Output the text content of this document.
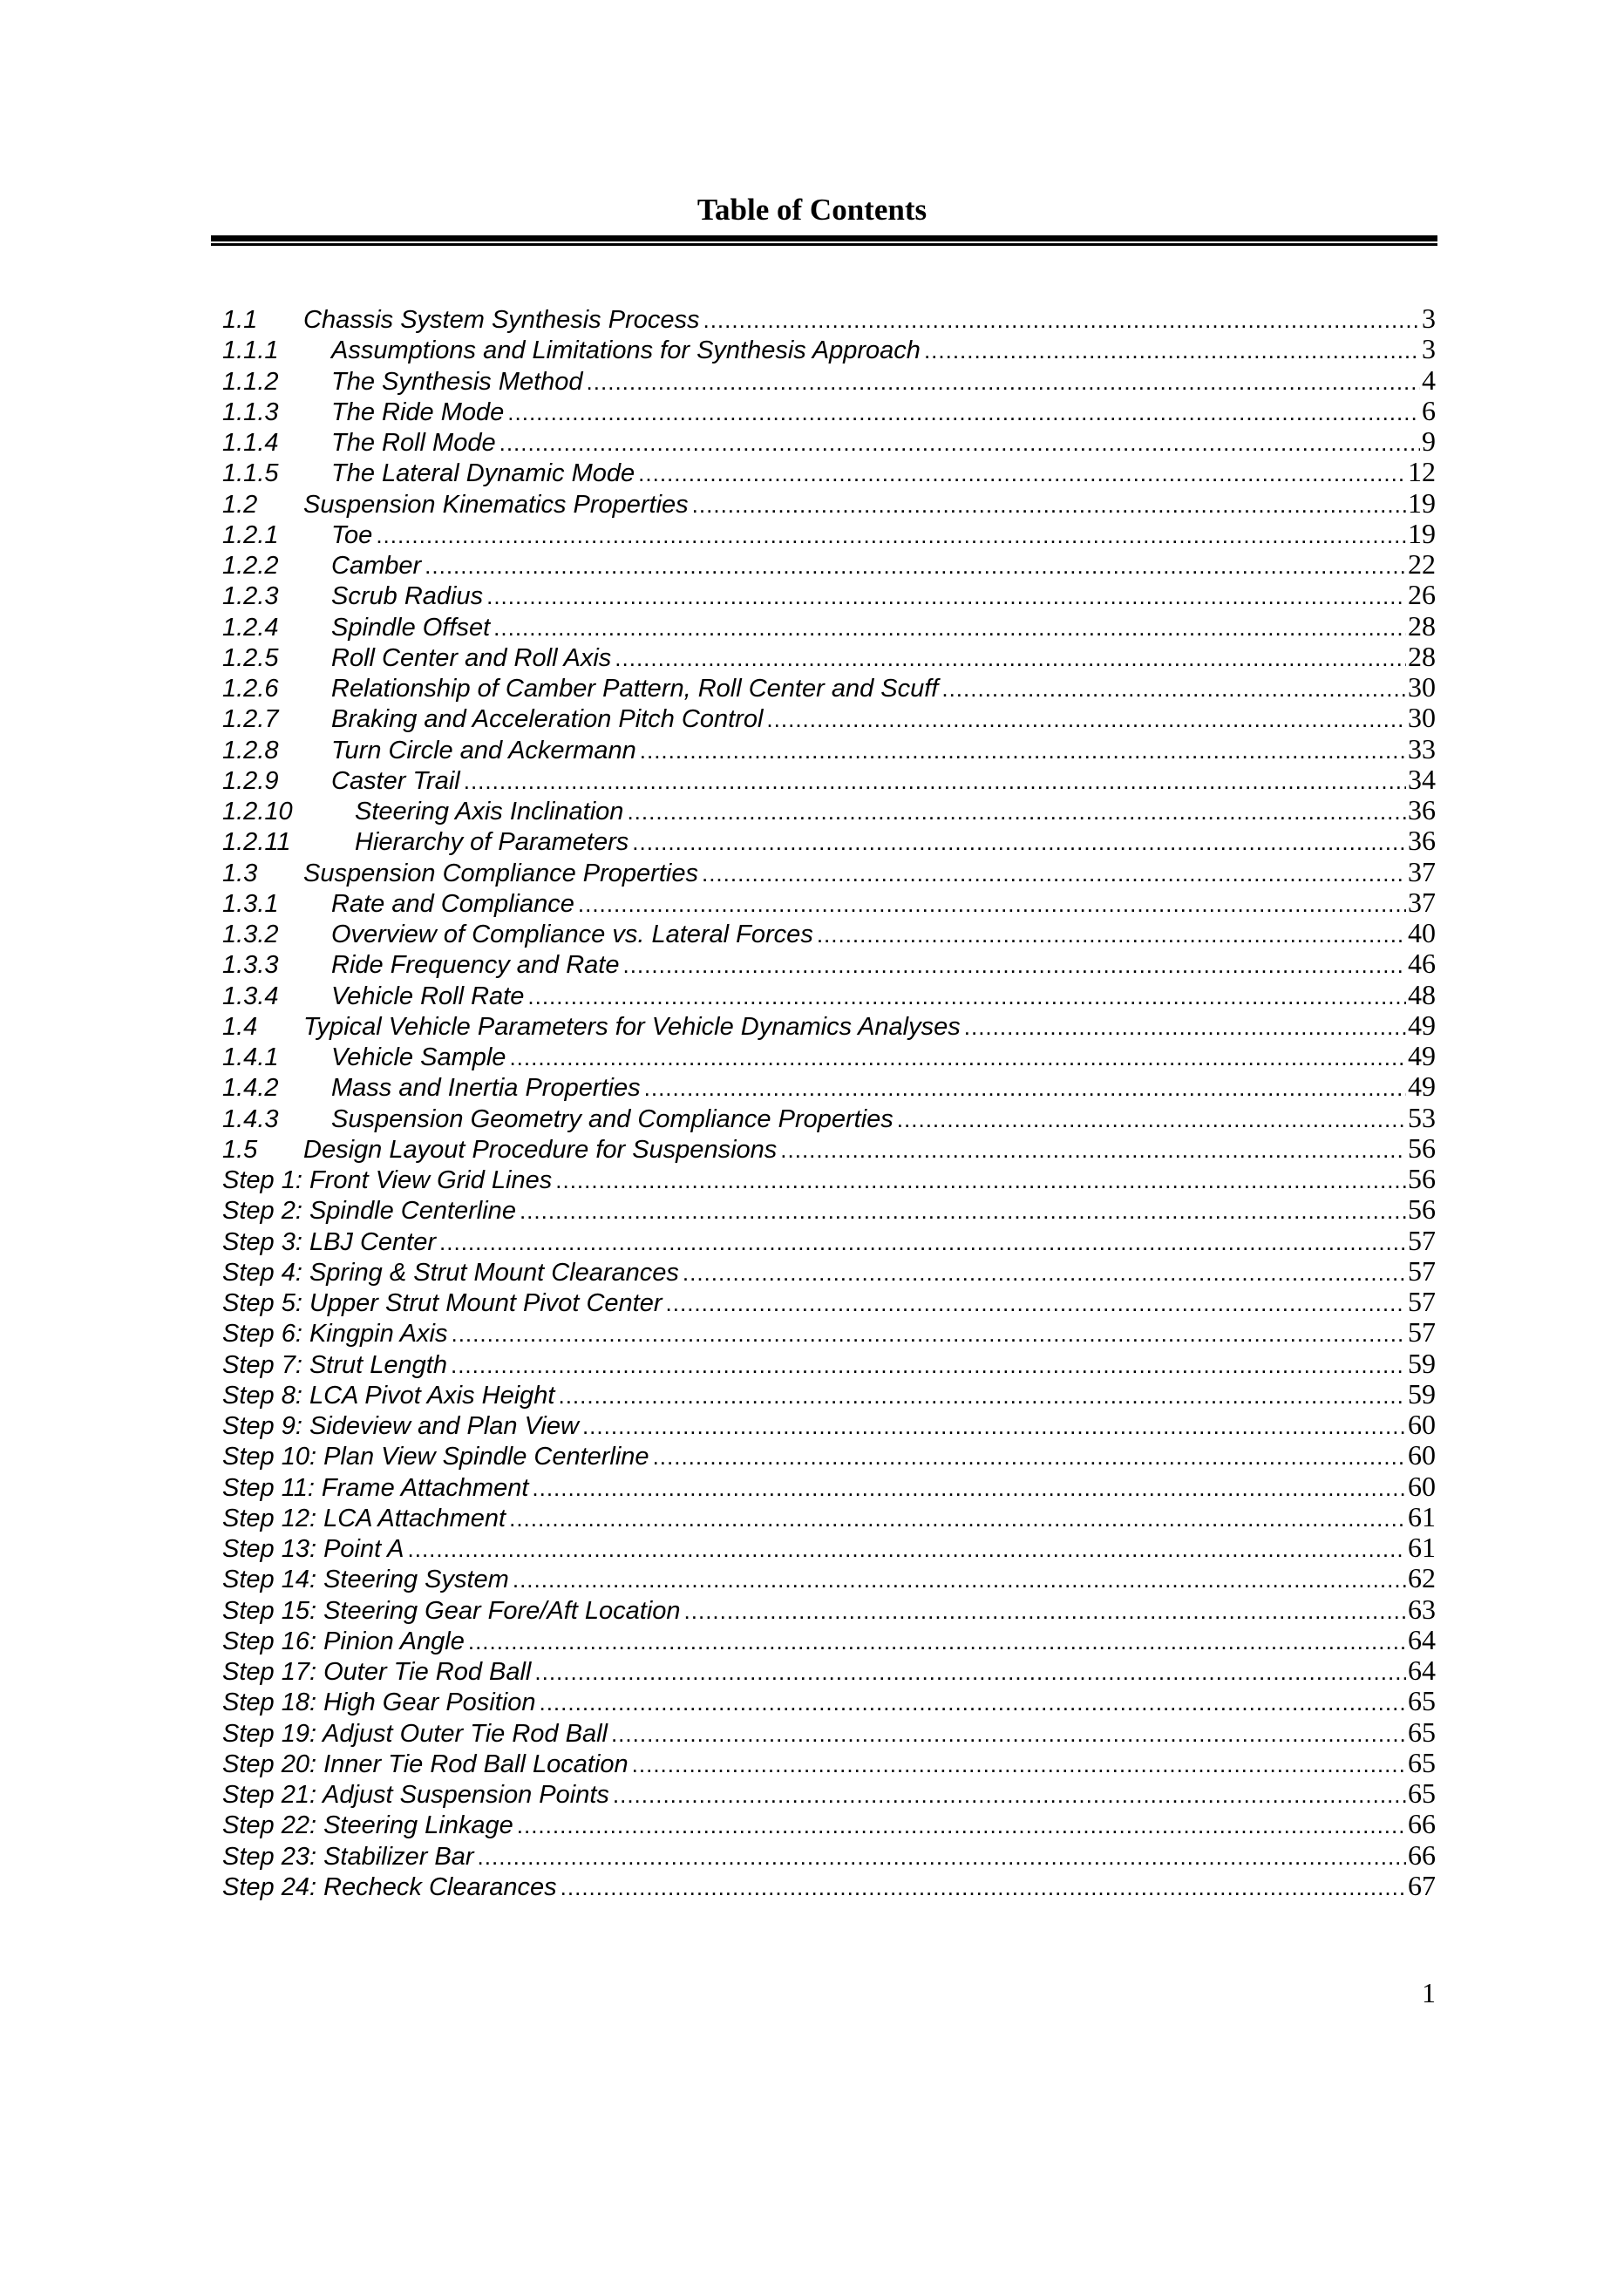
Table of Contents
1.1	Chassis System Synthesis Process .....	3
1.1.1	Assumptions and Limitations for Synthesis Approach .....	3
1.1.2	The Synthesis Method .....	4
1.1.3	The Ride Mode .....	6
1.1.4	The Roll Mode .....	9
1.1.5	The Lateral Dynamic Mode .....	12
1.2	Suspension Kinematics Properties .....	19
1.2.1	Toe .....	19
1.2.2	Camber .....	22
1.2.3	Scrub Radius .....	26
1.2.4	Spindle Offset .....	28
1.2.5	Roll Center and Roll Axis .....	28
1.2.6	Relationship of Camber Pattern, Roll Center and Scuff .....	30
1.2.7	Braking and Acceleration Pitch Control .....	30
1.2.8	Turn Circle and Ackermann .....	33
1.2.9	Caster Trail .....	34
1.2.10	Steering Axis Inclination .....	36
1.2.11	Hierarchy of Parameters .....	36
1.3	Suspension Compliance Properties .....	37
1.3.1	Rate and Compliance .....	37
1.3.2	Overview of Compliance vs. Lateral Forces .....	40
1.3.3	Ride Frequency and Rate .....	46
1.3.4	Vehicle Roll Rate .....	48
1.4	Typical Vehicle Parameters for Vehicle Dynamics Analyses .....	49
1.4.1	Vehicle Sample .....	49
1.4.2	Mass and Inertia Properties .....	49
1.4.3	Suspension Geometry and Compliance Properties .....	53
1.5	Design Layout Procedure for Suspensions .....	56
Step 1: Front View Grid Lines .....	56
Step 2: Spindle Centerline .....	56
Step 3: LBJ Center .....	57
Step 4: Spring & Strut Mount Clearances .....	57
Step 5: Upper Strut Mount Pivot Center .....	57
Step 6: Kingpin Axis .....	57
Step 7: Strut Length .....	59
Step 8: LCA Pivot Axis Height .....	59
Step 9: Sideview and Plan View .....	60
Step 10: Plan View Spindle Centerline .....	60
Step 11: Frame Attachment .....	60
Step 12: LCA Attachment .....	61
Step 13: Point A .....	61
Step 14: Steering System .....	62
Step 15: Steering Gear Fore/Aft Location .....	63
Step 16: Pinion Angle .....	64
Step 17: Outer Tie Rod Ball .....	64
Step 18: High Gear Position .....	65
Step 19: Adjust Outer Tie Rod Ball .....	65
Step 20: Inner Tie Rod Ball Location .....	65
Step 21: Adjust Suspension Points .....	65
Step 22: Steering Linkage .....	66
Step 23: Stabilizer Bar .....	66
Step 24: Recheck Clearances .....	67
1
